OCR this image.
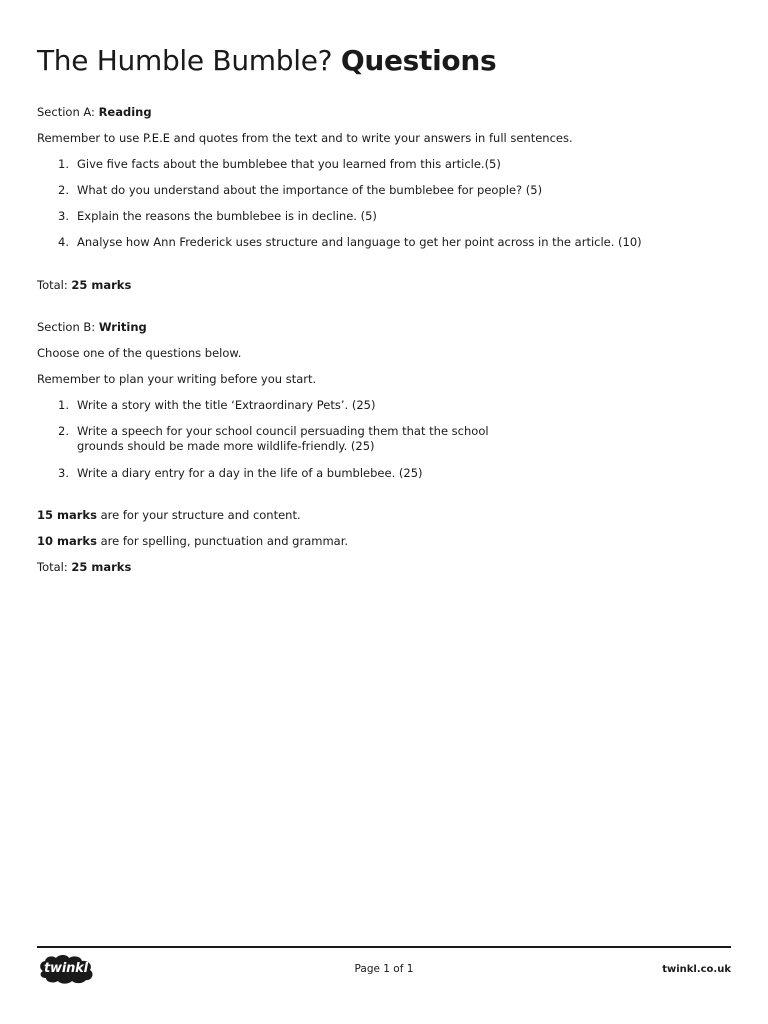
The Humble Bumble? Questions
Section A: Reading
Remember to use P.E.E and quotes from the text and to write your answers in full sentences.
1. Give five facts about the bumblebee that you learned from this article.(5)
2. What do you understand about the importance of the bumblebee for people? (5)
3. Explain the reasons the bumblebee is in decline. (5)
4. Analyse how Ann Frederick uses structure and language to get her point across in the article. (10)
Total: 25 marks
Section B: Writing
Choose one of the questions below.
Remember to plan your writing before you start.
1. Write a story with the title ‘Extraordinary Pets’. (25)
2. Write a speech for your school council persuading them that the school
grounds should be made more wildlife-friendly. (25)
3. Write a diary entry for a day in the life of a bumblebee. (25)
15 marks are for your structure and content.
10 marks are for spelling, punctuation and grammar.
Total: 25 marks
twinkl	Page 1 of 1	twinkl.co.uk
